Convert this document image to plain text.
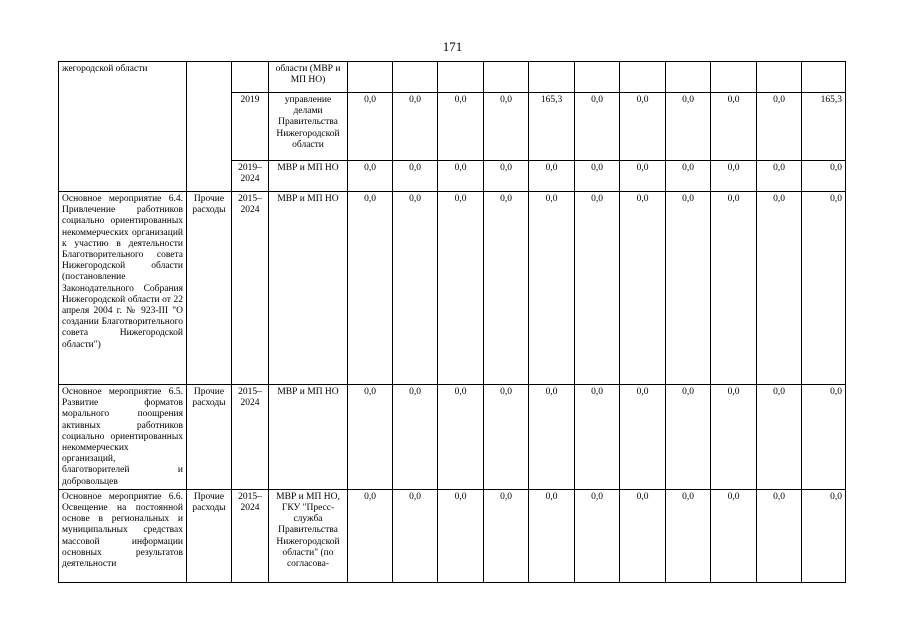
171
жегородской области			области (МВР и МП НО)											
		2019	управление делами Правительства Нижегородской области	0,0	0,0	0,0	0,0	165,3	0,0	0,0	0,0	0,0	0,0	165,3
		2019–2024	МВР и МП НО	0,0	0,0	0,0	0,0	0,0	0,0	0,0	0,0	0,0	0,0	0,0
Основное мероприятие 6.4. Привлечение работников социально ориентированных некоммерческих организаций к участию в деятельности Благотворительного совета Нижегородской области (постановление Законодательного Собрания Нижегородской области от 22 апреля 2004 г. № 923-III "О создании Благотворительного совета Нижегородской области")	Прочие расходы	2015–2024	МВР и МП НО	0,0	0,0	0,0	0,0	0,0	0,0	0,0	0,0	0,0	0,0	0,0
Основное мероприятие 6.5. Развитие форматов морального поощрения активных работников социально ориентированных некоммерческих организаций, благотворителей и добровольцев	Прочие расходы	2015–2024	МВР и МП НО	0,0	0,0	0,0	0,0	0,0	0,0	0,0	0,0	0,0	0,0	0,0
Основное мероприятие 6.6. Освещение на постоянной основе в региональных и муниципальных средствах массовой информации основных результатов деятельности	Прочие расходы	2015–2024	МВР и МП НО, ГКУ "Пресс-служба Правительства Нижегородской области" (по согласова-	0,0	0,0	0,0	0,0	0,0	0,0	0,0	0,0	0,0	0,0	0,0
